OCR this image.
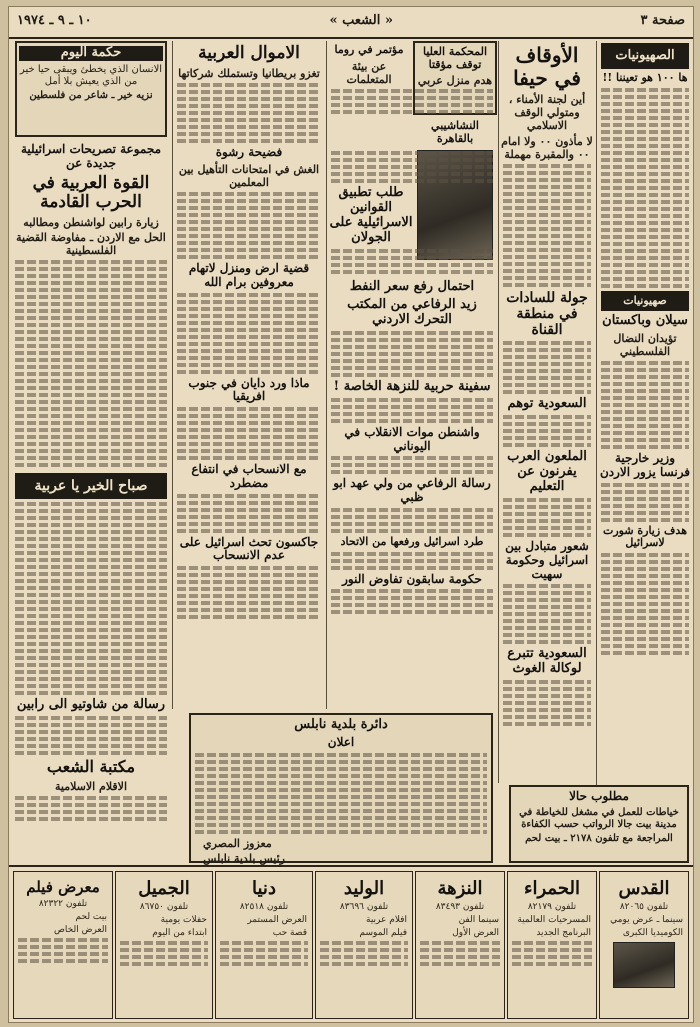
صفحة ٣
« الشعب »
١٠ ـ ٩ ـ ١٩٧٤
الصهيونيات
ها ١٠٠ هو تعيننا !!
صهيونيات
سيلان وباكستان
تؤيدان النضال الفلسطيني
وزير خارجية فرنسا يزور الاردن
هدف زيارة شورت لاسرائيل
مطلوب حالا
خياطات للعمل في مشغل للخياطة في مدينة بيت جالا الرواتب حسب الكفاءة
المراجعة مع تلفون ٢١٧٨ ـ بيت لحم
الأوقاف في حيفا
أين لجنة الأمناء ، ومتولي الوقف الاسلامي
لا مأذون ٠٠ ولا امام ٠٠ والمقبرة مهملة
جولة للسادات في منطقة القناة
السعودية توهم
الملعون العرب يفرنون عن التعليم
شعور متبادل بين اسرائيل وحكومة سهيت
السعودية تتبرع لوكالة الغوث
المحكمة العليا توقف مؤقتا
هدم منزل عربي
مؤتمر في روما
عن بيئة المتعلمات
النشاشيبي بالقاهرة
طلب تطبيق القوانين الاسرائيلية على الجولان
احتمال رفع سعر النفط
زيد الرفاعي من المكتب التحرك الاردني
سفينة حربية للنزهة الخاصة !
واشنطن موات الانقلاب في اليوناني
رسالة الرفاعي من ولي عهد ابو ظبي
طرد اسرائيل ورفعها من الاتحاد
حكومة سابقون تفاوض النور
الاموال العربية
تغزو بريطانيا وتستملك شركاتها
فضيحة رشوة
الغش في امتحانات التأهيل بين المعلمين
قضية ارض ومنزل لاتهام معروفين برام الله
ماذا ورد دايان في جنوب افريقيا
مع الانسحاب في انتفاع مضطرد
جاكسون تحث اسرائيل على عدم الانسحاب
دائرة بلدية نابلس
اعلان
معزوز المصري
رئيس بلدية نابلس
حكمة اليوم
الانسان الذي يخطئ ويبقى حيا خير من الذي يعيش بلا أمل
نزيه خير ـ شاعر من فلسطين
مجموعة تصريحات اسرائيلية جديدة عن
القوة العربية في الحرب القادمة
زيارة رابين لواشنطن ومطالبه
الحل مع الاردن ـ مفاوضة القضية الفلسطينية
صباح الخير يا عربية
رسالة من شاوتيو الى رابين
مكتبة الشعب
الاقلام الاسلامية
القدس
تلفون ٨٢٠٦٥
سينما ـ عرض يومي
الكوميديا الكبرى
الحمراء
تلفون ٨٢١٧٩
المسرحيات العالمية
البرنامج الجديد
النزهة
تلفون ٨٣٤٩٣
سينما الفن
العرض الأول
الوليد
تلفون ٨٣٦٩٦
افلام عربية
فيلم الموسم
دنيا
تلفون ٨٢٥١٨
العرض المستمر
قصة حب
الجميل
تلفون ٨٦٧٥٠
حفلات يومية
ابتداء من اليوم
معرض فيلم
تلفون ٨٢٣٢٢
بيت لحم
العرض الخاص
